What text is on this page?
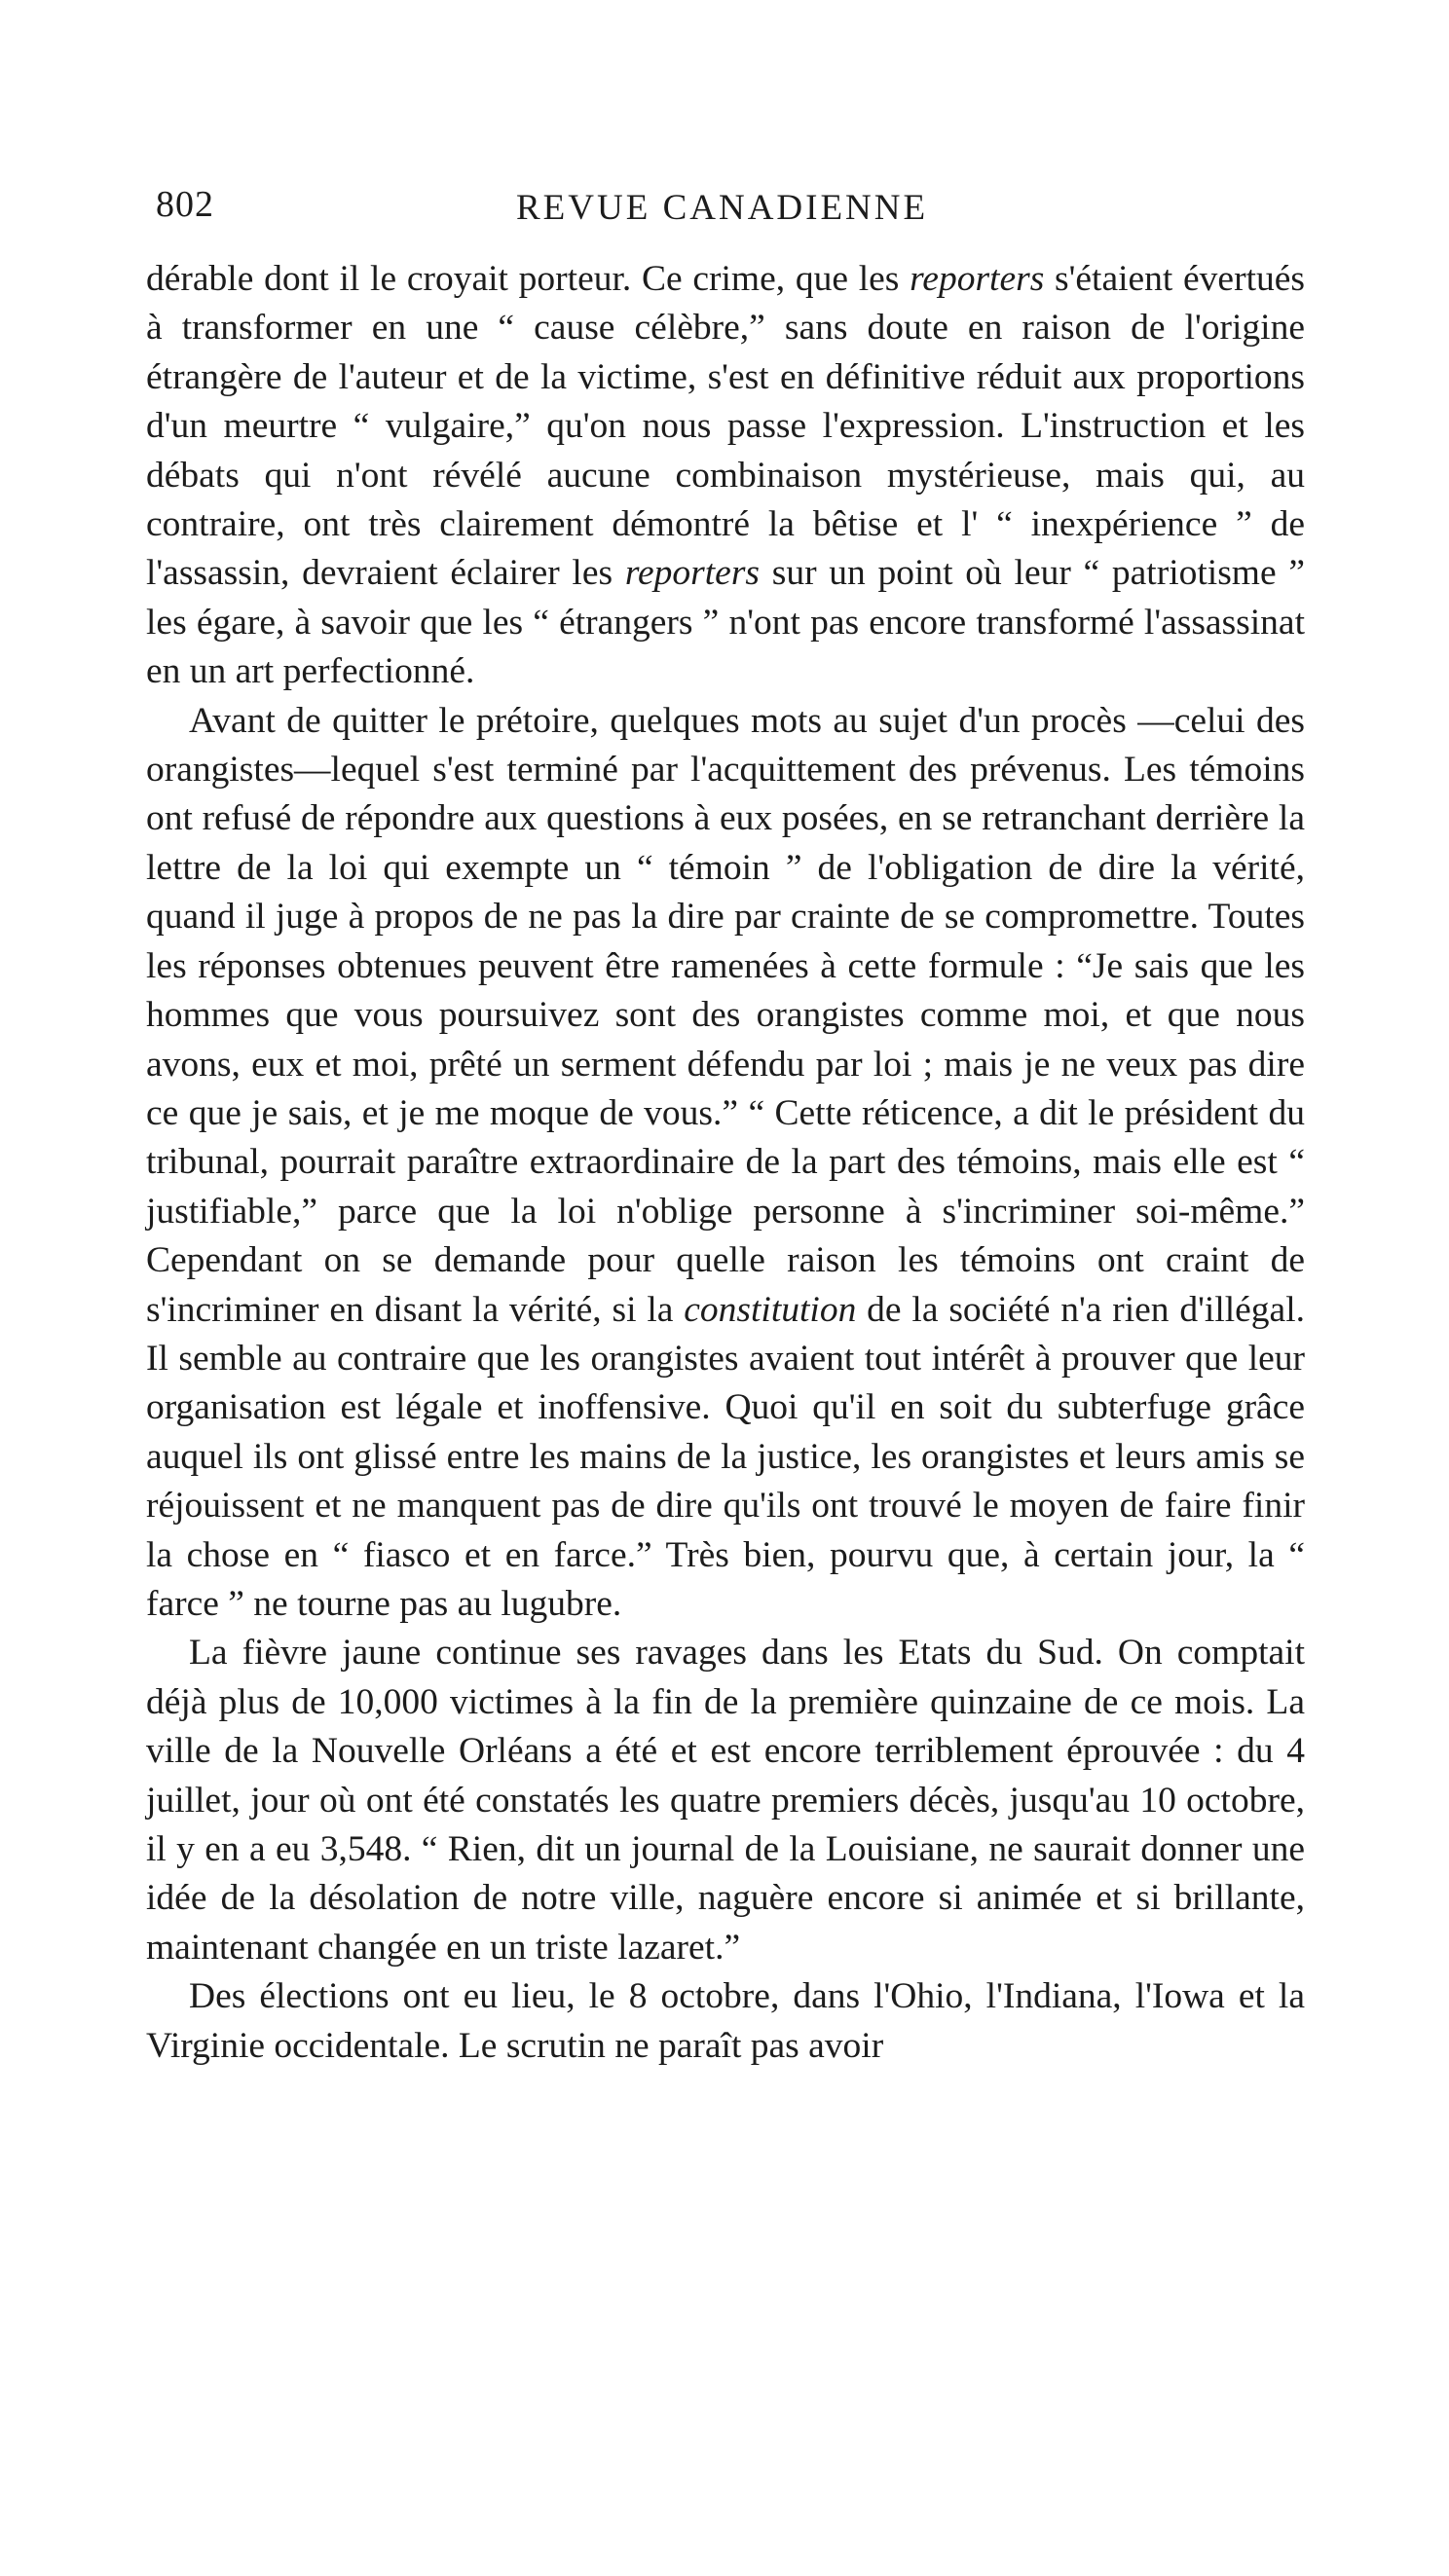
802	REVUE CANADIENNE

dérable dont il le croyait porteur. Ce crime, que les reporters s'étaient évertués à transformer en une “ cause célèbre,” sans doute en raison de l'origine étrangère de l'auteur et de la victime, s'est en définitive réduit aux proportions d'un meurtre “ vulgaire,” qu'on nous passe l'expression. L'instruction et les débats qui n'ont révélé aucune combinaison mystérieuse, mais qui, au contraire, ont très clairement démontré la bêtise et l' “ inexpérience ” de l'assassin, devraient éclairer les reporters sur un point où leur “ patriotisme ” les égare, à savoir que les “ étrangers ” n'ont pas encore transformé l'assassinat en un art perfectionné.

Avant de quitter le prétoire, quelques mots au sujet d'un procès —celui des orangistes—lequel s'est terminé par l'acquittement des prévenus. Les témoins ont refusé de répondre aux questions à eux posées, en se retranchant derrière la lettre de la loi qui exempte un “ témoin ” de l'obligation de dire la vérité, quand il juge à propos de ne pas la dire par crainte de se compromettre. Toutes les réponses obtenues peuvent être ramenées à cette formule : “Je sais que les hommes que vous poursuivez sont des orangistes comme moi, et que nous avons, eux et moi, prêté un serment défendu par loi ; mais je ne veux pas dire ce que je sais, et je me moque de vous.” “ Cette réticence, a dit le président du tribunal, pourrait paraître extraordinaire de la part des témoins, mais elle est “ justifiable,” parce que la loi n'oblige personne à s'incriminer soi-même.” Cependant on se demande pour quelle raison les témoins ont craint de s'incriminer en disant la vérité, si la constitution de la société n'a rien d'illégal. Il semble au contraire que les orangistes avaient tout intérêt à prouver que leur organisation est légale et inoffensive. Quoi qu'il en soit du subterfuge grâce auquel ils ont glissé entre les mains de la justice, les orangistes et leurs amis se réjouissent et ne manquent pas de dire qu'ils ont trouvé le moyen de faire finir la chose en “ fiasco et en farce.” Très bien, pourvu que, à certain jour, la “ farce ” ne tourne pas au lugubre.

La fièvre jaune continue ses ravages dans les Etats du Sud. On comptait déjà plus de 10,000 victimes à la fin de la première quinzaine de ce mois. La ville de la Nouvelle Orléans a été et est encore terriblement éprouvée : du 4 juillet, jour où ont été constatés les quatre premiers décès, jusqu'au 10 octobre, il y en a eu 3,548. “ Rien, dit un journal de la Louisiane, ne saurait donner une idée de la désolation de notre ville, naguère encore si animée et si brillante, maintenant changée en un triste lazaret.”

Des élections ont eu lieu, le 8 octobre, dans l'Ohio, l'Indiana, l'Iowa et la Virginie occidentale. Le scrutin ne paraît pas avoir
